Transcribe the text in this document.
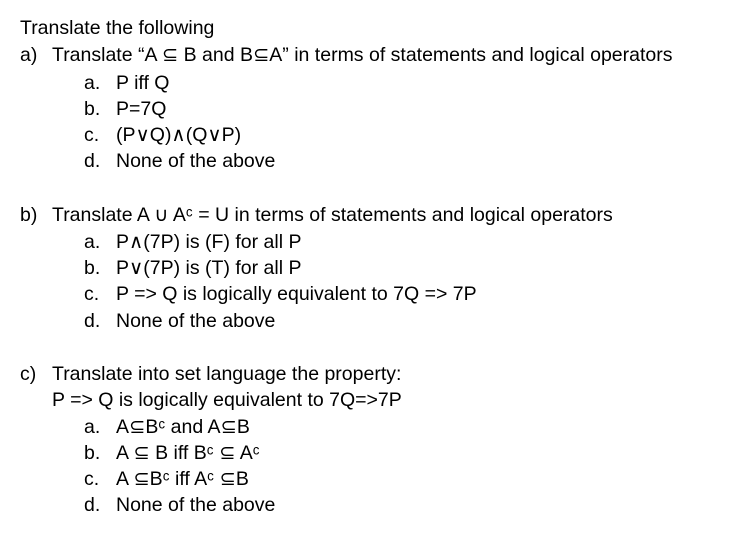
Translate the following
a) Translate “A ⊆ B and B⊆A” in terms of statements and logical operators
a. P iff Q
b. P=7Q
c. (P∨Q)∧(Q∨P)
d. None of the above
b) Translate A ∪ Aᶜ = U in terms of statements and logical operators
a. P∧(7P) is (F) for all P
b. P∨(7P) is (T) for all P
c. P => Q is logically equivalent to 7Q => 7P
d. None of the above
c) Translate into set language the property:
P => Q is logically equivalent to 7Q=>7P
a. A⊆Bᶜ and A⊆B
b. A ⊆ B iff Bᶜ ⊆ Aᶜ
c. A ⊆Bᶜ iff Aᶜ ⊆B
d. None of the above
